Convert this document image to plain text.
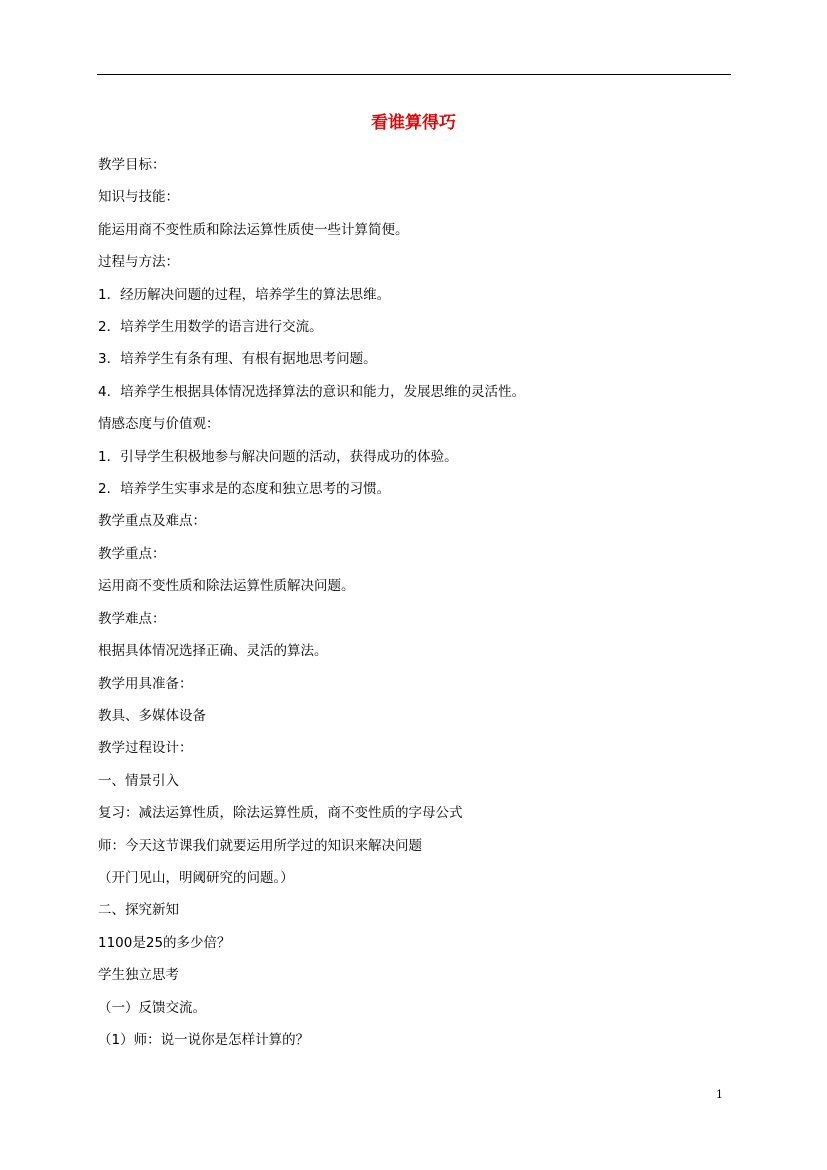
看谁算得巧
教学目标：
知识与技能：
能运用商不变性质和除法运算性质使一些计算简便。
过程与方法：
1．经历解决问题的过程，培养学生的算法思维。
2．培养学生用数学的语言进行交流。
3．培养学生有条有理、有根有据地思考问题。
4．培养学生根据具体情况选择算法的意识和能力，发展思维的灵活性。
情感态度与价值观：
1．引导学生积极地参与解决问题的活动，获得成功的体验。
2．培养学生实事求是的态度和独立思考的习惯。
教学重点及难点：
教学重点：
运用商不变性质和除法运算性质解决问题。
教学难点：
根据具体情况选择正确、灵活的算法。
教学用具准备：
教具、多媒体设备
教学过程设计：
一、情景引入
复习：减法运算性质，除法运算性质，商不变性质的字母公式
师：今天这节课我们就要运用所学过的知识来解决问题
（开门见山，明阈研究的问题。）
二、探究新知
1100是25的多少倍？
学生独立思考
（一）反馈交流。
（1）师：说一说你是怎样计算的？
1
